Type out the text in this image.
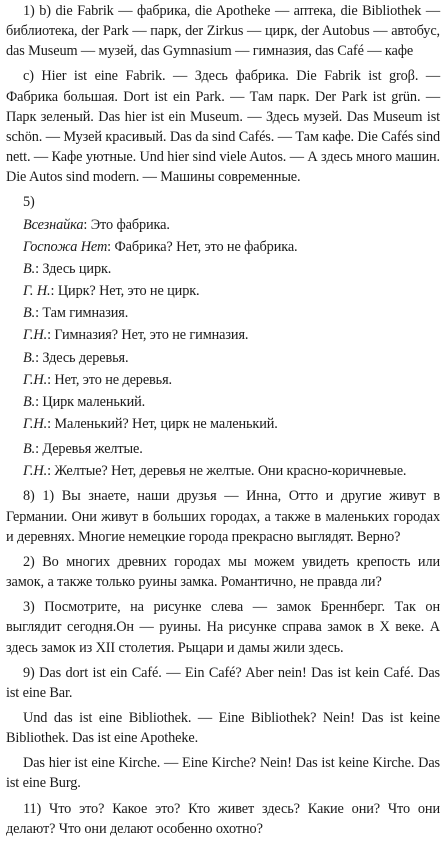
1) b) die Fabrik — фабрика, die Apotheke — аптека, die Bibliothek — библиотека, der Park — парк, der Zirkus — цирк, der Autobus — автобус, das Museum — музей, das Gymnasium — гимназия, das Café — кафе

c) Hier ist eine Fabrik. — Здесь фабрика. Die Fabrik ist groβ. — Фабрика большая. Dort ist ein Park. — Там парк. Der Park ist grün. — Парк зеленый. Das hier ist ein Museum. — Здесь музей. Das Museum ist schön. — Музей красивый. Das da sind Cafés. — Там кафе. Die Cafés sind nett. — Кафе уютные. Und hier sind viele Autos. — А здесь много машин. Die Autos sind modern. — Машины современные.

5)

Всезнайка: Это фабрика.

Госпожа Нет: Фабрика? Нет, это не фабрика.

В.: Здесь цирк.

Г. Н.: Цирк? Нет, это не цирк.

В.: Там гимназия.

Г.Н.: Гимназия? Нет, это не гимназия.

В.: Здесь деревья.

Г.Н.: Нет, это не деревья.

В.: Цирк маленький.

Г.Н.: Маленький? Нет, цирк не маленький.

В.: Деревья желтые.

Г.Н.: Желтые? Нет, деревья не желтые. Они красно-коричневые.

8) 1) Вы знаете, наши друзья — Инна, Отто и другие живут в Германии. Они живут в больших городах, а также в маленьких городах и деревнях. Многие немецкие города прекрасно выглядят. Верно?

2) Во многих древних городах мы можем увидеть крепость или замок, а также только руины замка. Романтично, не правда ли?

3) Посмотрите, на рисунке слева — замок Бреннберг. Так он выглядит сегодня.Он — руины. На рисунке справа замок в X веке. А здесь замок из XII столетия. Рыцари и дамы жили здесь.

9) Das dort ist ein Café. — Ein Café? Aber nein! Das ist kein Café. Das ist eine Bar.

Und das ist eine Bibliothek. — Eine Bibliothek? Nein! Das ist keine Bibliothek. Das ist eine Apotheke.

Das hier ist eine Kirche. — Eine Kirche? Nein! Das ist keine Kirche. Das ist eine Burg.

11) Что это? Какое это? Кто живет здесь? Какие они? Что они делают? Что они делают особенно охотно?
